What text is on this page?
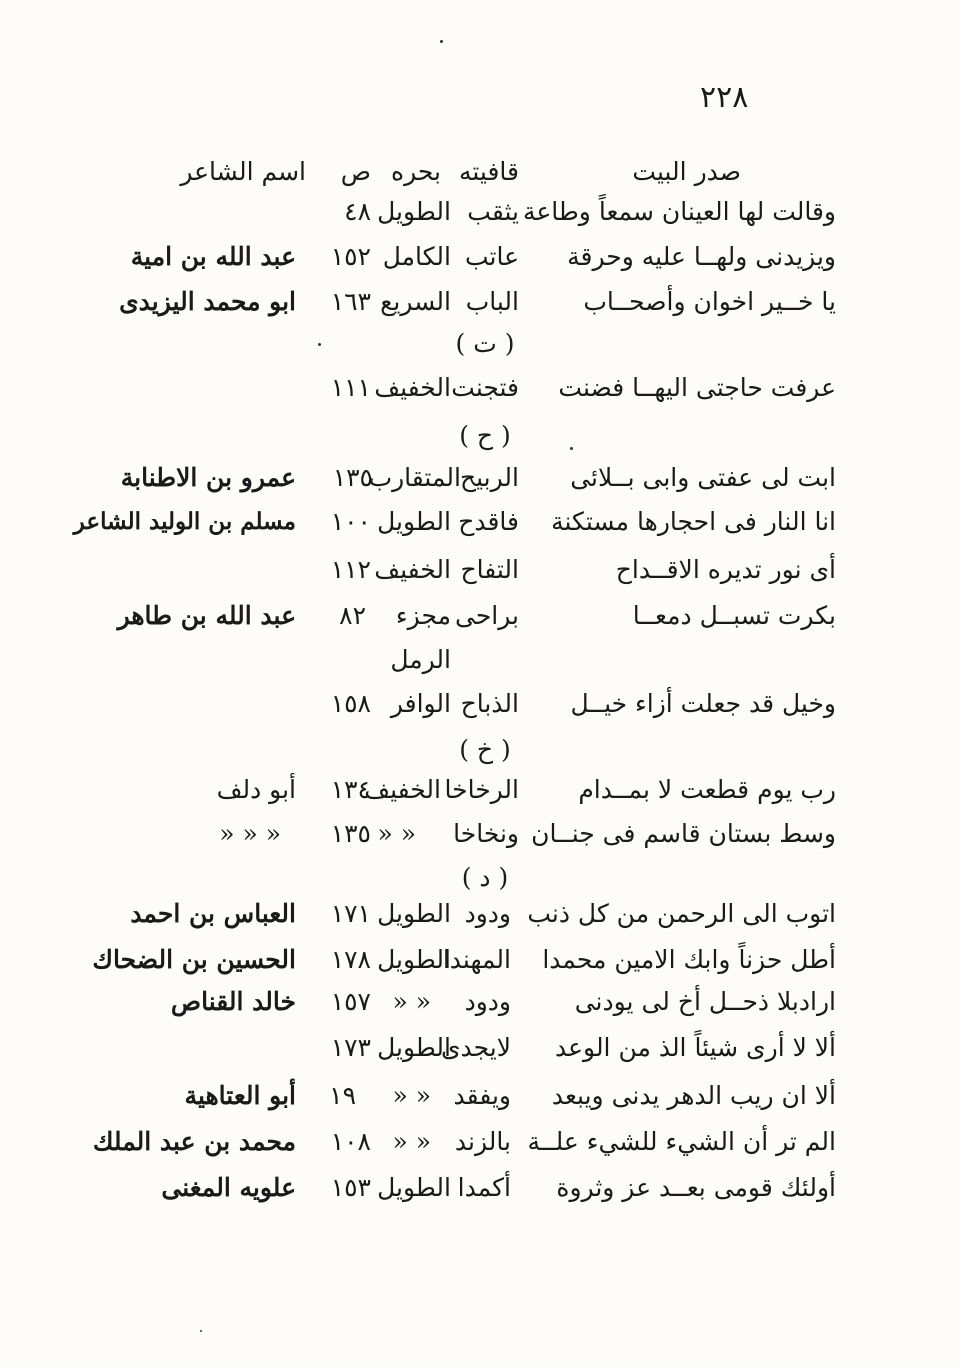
٢٢٨
صدر البيت
قافيته
بحره
ص
اسم الشاعر
وقالت لها العينان سمعاً وطاعة
يثقب
الطويل
٤٨
ويزيدنى ولهــا عليه وحرقة
عاتب
الكامل
١٥٢
عبد الله بن امية
يا خــير اخوان وأصحــاب
الباب
السريع
١٦٣
ابو محمد اليزيدى
( ت )
عرفت حاجتى اليهــا فضنت
فتجنت
الخفيف
١١١
( ح )
ابت لى عفتى وابى بــلائى
الربيح
المتقارب
١٣٥
عمرو بن الاطنابة
انا النار فى احجارها مستكنة
فاقدح
الطويل
١٠٠
مسلم بن الوليد الشاعر
أى نور تديره الاقــداح
التفاح
الخفيف
١١٢
بكرت تسبــل دمعــا
براحى
مجزء
٨٢
عبد الله بن طاهر
الرمل
وخيل قد جعلت أزاء خيــل
الذباح
الوافر
١٥٨
( خ )
رب يوم قطعت لا بمــدام
الرخاخا
الخفيف
١٣٤
أبو دلف
وسط بستان قاسم فى جنــان
ونخاخا
« «
١٣٥
« « «
( د )
اتوب الى الرحمن من كل ذنب
ودود
الطويل
١٧١
العباس بن احمد
أطل حزناً وابك الامين محمدا
المهندا
الطويل
١٧٨
الحسين بن الضحاك
ارادبلا ذحــل أخ لى يودنى
ودود
« «
١٥٧
خالد القناص
ألا لا أرى شيئاً الذ من الوعد
لايجدى
الطويل
١٧٣
ألا ان ريب الدهر يدنى ويبعد
ويفقد
« «
١٩
أبو العتاهية
الم تر أن الشيء للشيء علــة
بالزند
« «
١٠٨
محمد بن عبد الملك
أولئك قومى بعــد عز وثروة
أكمدا
الطويل
١٥٣
علويه المغنى
